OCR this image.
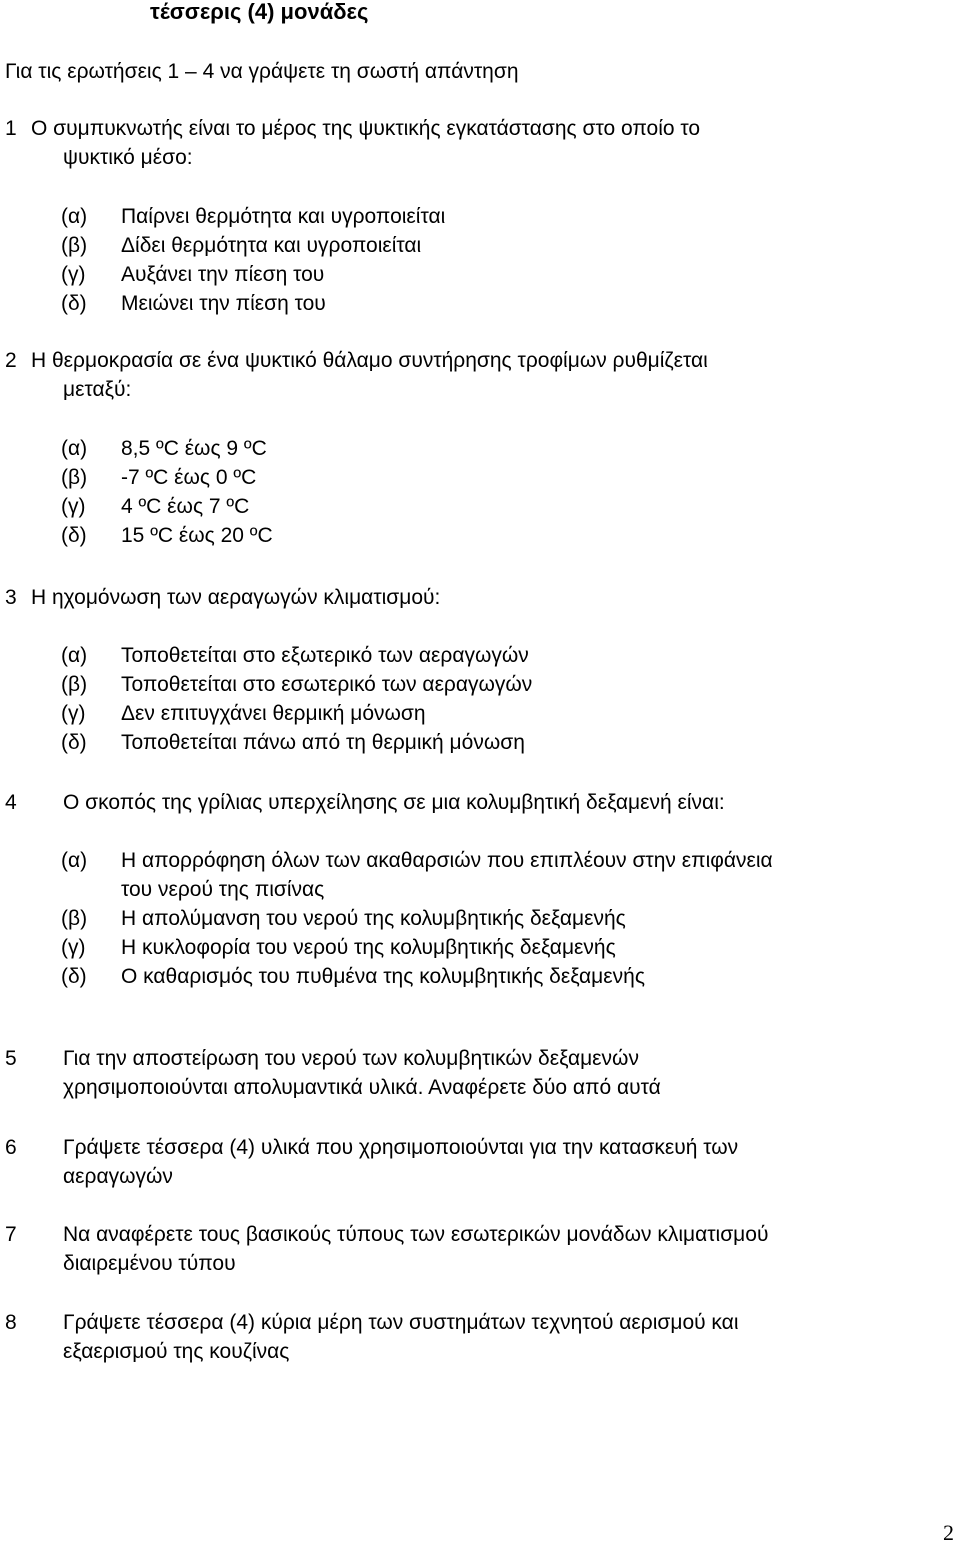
τέσσερις (4) μονάδες
Για τις ερωτήσεις 1 – 4 να γράψετε τη σωστή απάντηση
1 Ο συμπυκνωτής είναι το μέρος της ψυκτικής εγκατάστασης στο οποίο το
ψυκτικό μέσο:
(α) Παίρνει θερμότητα και υγροποιείται
(β) Δίδει θερμότητα και υγροποιείται
(γ) Αυξάνει την πίεση του
(δ) Μειώνει την πίεση του
2 Η θερμοκρασία σε ένα ψυκτικό θάλαμο συντήρησης τροφίμων ρυθμίζεται
μεταξύ:
(α) 8,5 ºC έως 9 ºC
(β) -7 ºC έως 0 ºC
(γ) 4 ºC έως 7 ºC
(δ) 15 ºC έως 20 ºC
3 Η ηχομόνωση των αεραγωγών κλιματισμού:
(α) Τοποθετείται στο εξωτερικό των αεραγωγών
(β) Τοποθετείται στο εσωτερικό των αεραγωγών
(γ) Δεν επιτυγχάνει θερμική μόνωση
(δ) Τοποθετείται πάνω από τη θερμική μόνωση
4 Ο σκοπός της γρίλιας υπερχείλησης σε μια κολυμβητική δεξαμενή είναι:
(α) Η απορρόφηση όλων των ακαθαρσιών που επιπλέουν στην επιφάνεια
του νερού της πισίνας
(β) Η απολύμανση του νερού της κολυμβητικής δεξαμενής
(γ) Η κυκλοφορία του νερού της κολυμβητικής δεξαμενής
(δ) Ο καθαρισμός του πυθμένα της κολυμβητικής δεξαμενής
5 Για την αποστείρωση του νερού των κολυμβητικών δεξαμενών
χρησιμοποιούνται απολυμαντικά υλικά. Αναφέρετε δύο από αυτά
6 Γράψετε τέσσερα (4) υλικά που χρησιμοποιούνται για την κατασκευή των
αεραγωγών
7 Να αναφέρετε τους βασικούς τύπους των εσωτερικών μονάδων κλιματισμού
διαιρεμένου τύπου
8 Γράψετε τέσσερα (4) κύρια μέρη των συστημάτων τεχνητού αερισμού και
εξαερισμού της κουζίνας
2
